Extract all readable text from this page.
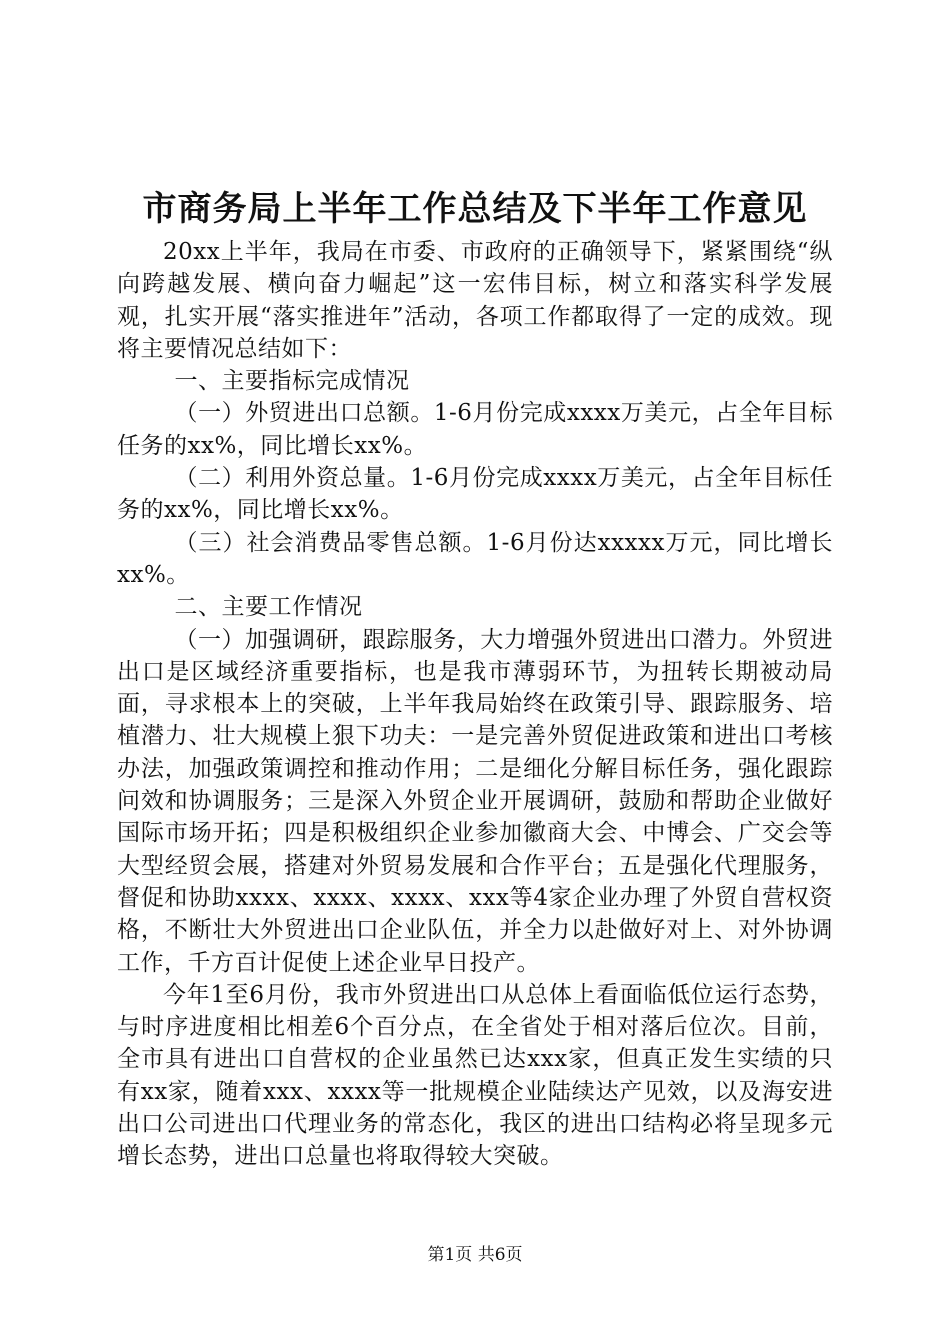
市商务局上半年工作总结及下半年工作意见

20xx上半年，我局在市委、市政府的正确领导下，紧紧围绕“纵向跨越发展、横向奋力崛起”这一宏伟目标，树立和落实科学发展观，扎实开展“落实推进年”活动，各项工作都取得了一定的成效。现将主要情况总结如下：

一、主要指标完成情况

（一）外贸进出口总额。1-6月份完成xxxx万美元，占全年目标任务的xx%，同比增长xx%。

（二）利用外资总量。1-6月份完成xxxx万美元，占全年目标任务的xx%，同比增长xx%。

（三）社会消费品零售总额。1-6月份达xxxxx万元，同比增长xx%。

二、主要工作情况

（一）加强调研，跟踪服务，大力增强外贸进出口潜力。外贸进出口是区域经济重要指标，也是我市薄弱环节，为扭转长期被动局面，寻求根本上的突破，上半年我局始终在政策引导、跟踪服务、培植潜力、壮大规模上狠下功夫：一是完善外贸促进政策和进出口考核办法，加强政策调控和推动作用；二是细化分解目标任务，强化跟踪问效和协调服务；三是深入外贸企业开展调研，鼓励和帮助企业做好国际市场开拓；四是积极组织企业参加徽商大会、中博会、广交会等大型经贸会展，搭建对外贸易发展和合作平台；五是强化代理服务，督促和协助xxxx、xxxx、xxxx、xxx等4家企业办理了外贸自营权资格，不断壮大外贸进出口企业队伍，并全力以赴做好对上、对外协调工作，千方百计促使上述企业早日投产。

今年1至6月份，我市外贸进出口从总体上看面临低位运行态势，与时序进度相比相差6个百分点，在全省处于相对落后位次。目前，全市具有进出口自营权的企业虽然已达xxx家，但真正发生实绩的只有xx家，随着xxx、xxxx等一批规模企业陆续达产见效，以及海安进出口公司进出口代理业务的常态化，我区的进出口结构必将呈现多元增长态势，进出口总量也将取得较大突破。

第1页 共6页
